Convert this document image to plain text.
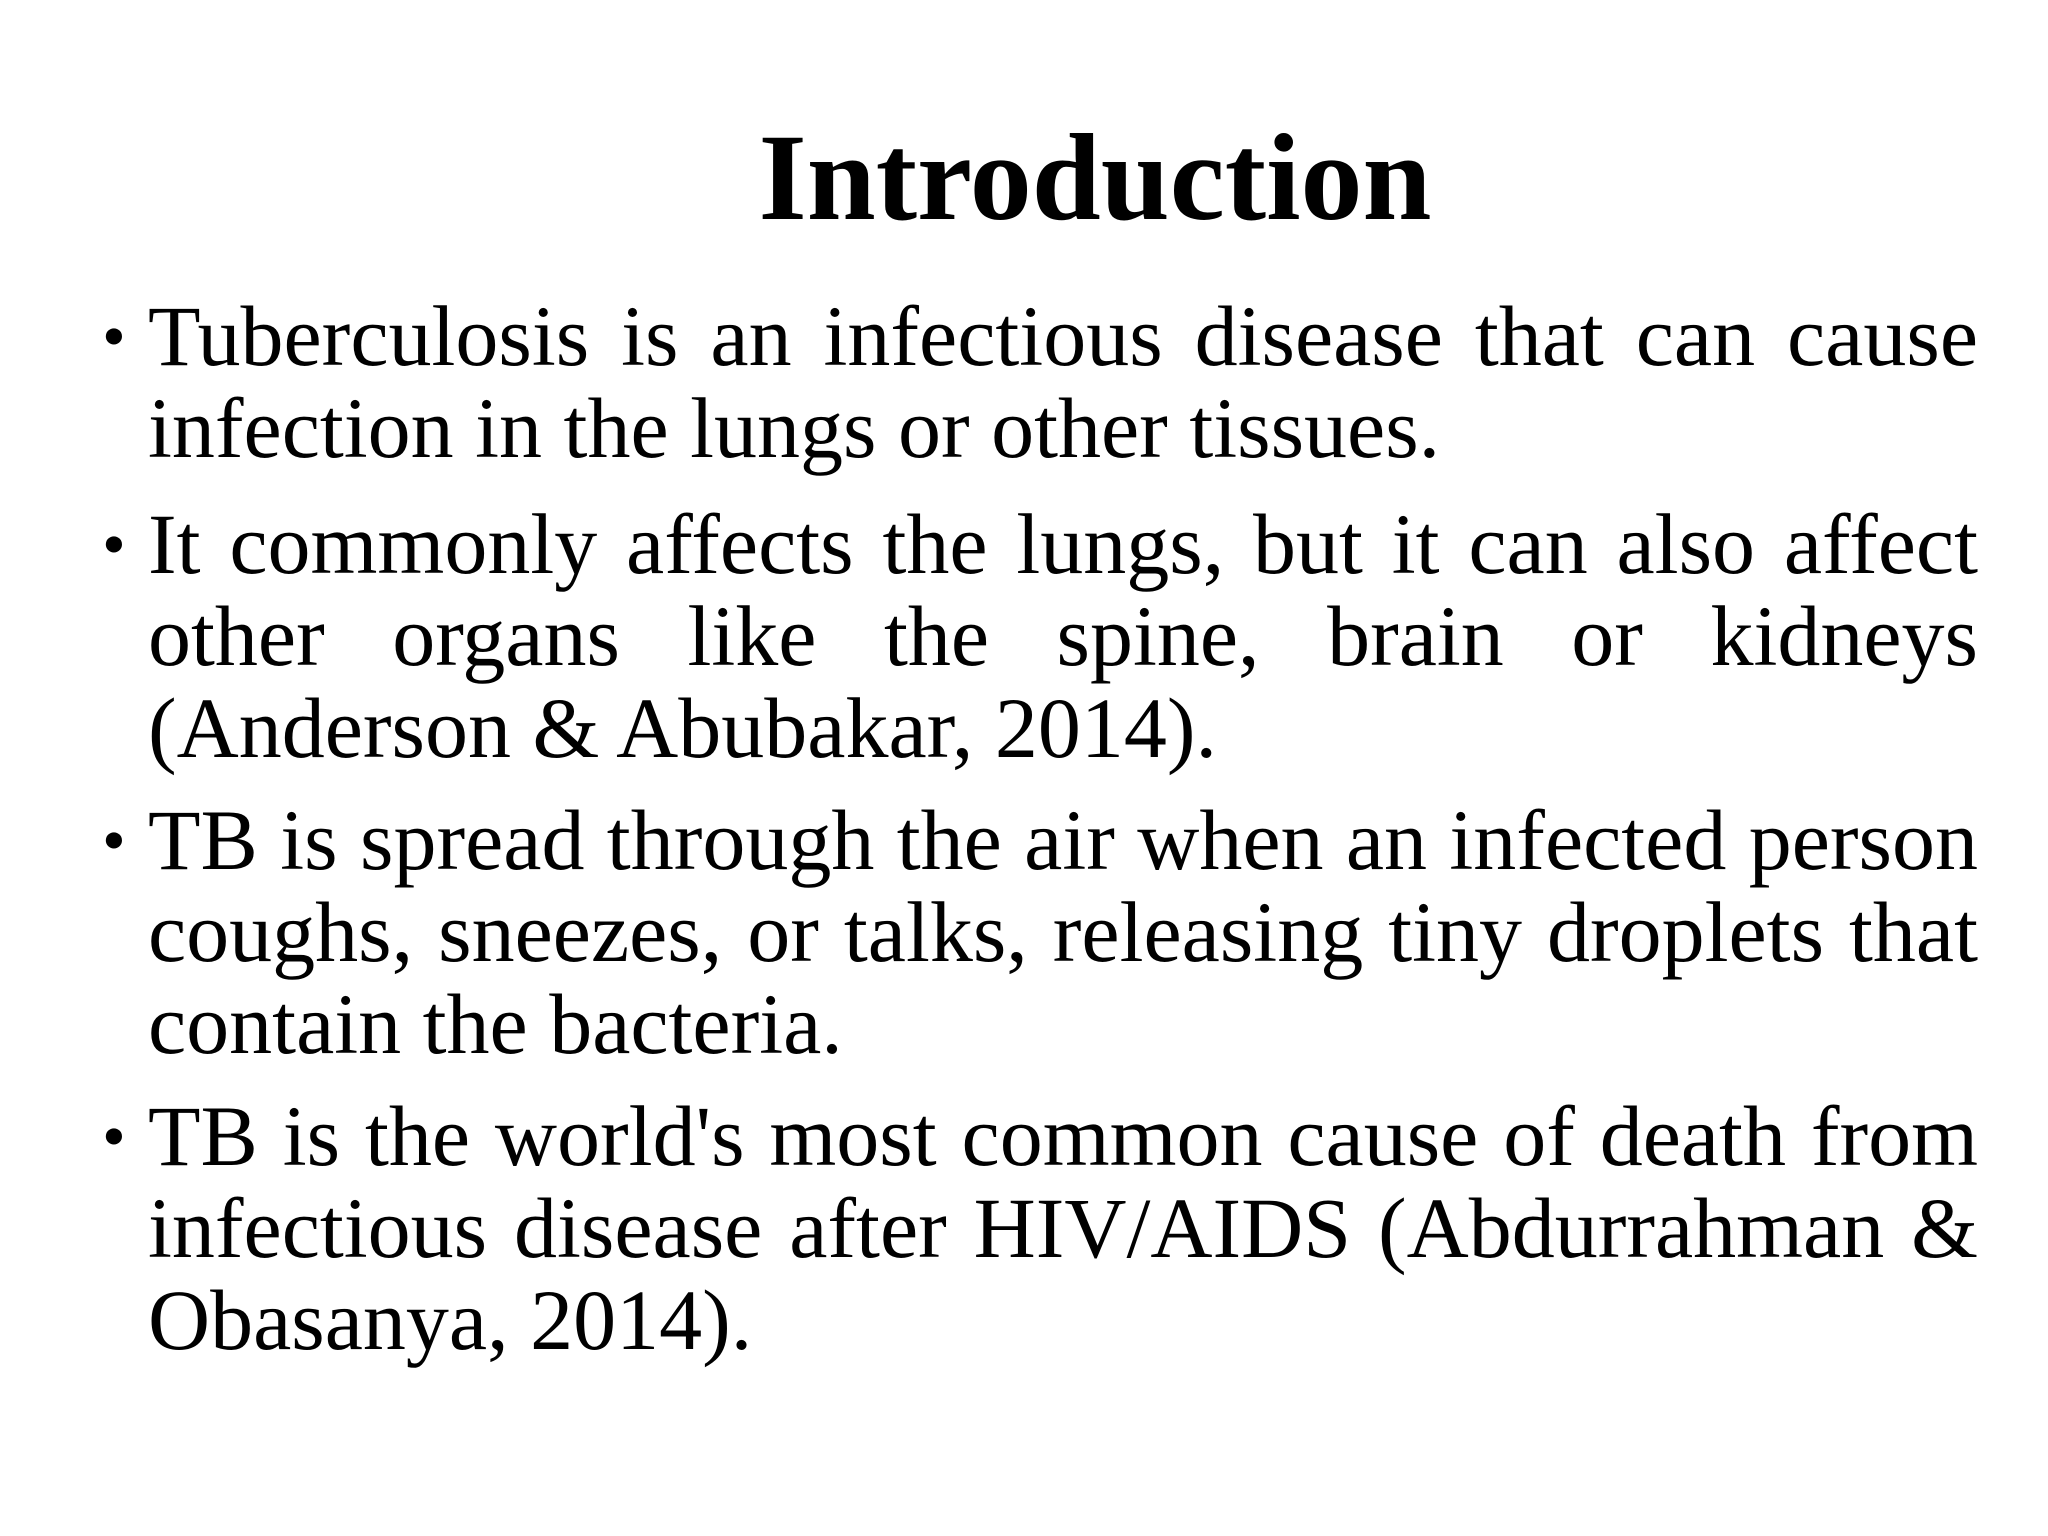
Introduction
• Tuberculosis is an infectious disease that can cause infection in the lungs or other tissues.
• It commonly affects the lungs, but it can also affect other organs like the spine, brain or kidneys (Anderson & Abubakar, 2014).
• TB is spread through the air when an infected person coughs, sneezes, or talks, releasing tiny droplets that contain the bacteria.
• TB is the world's most common cause of death from infectious disease after HIV/AIDS (Abdurrahman & Obasanya, 2014).
